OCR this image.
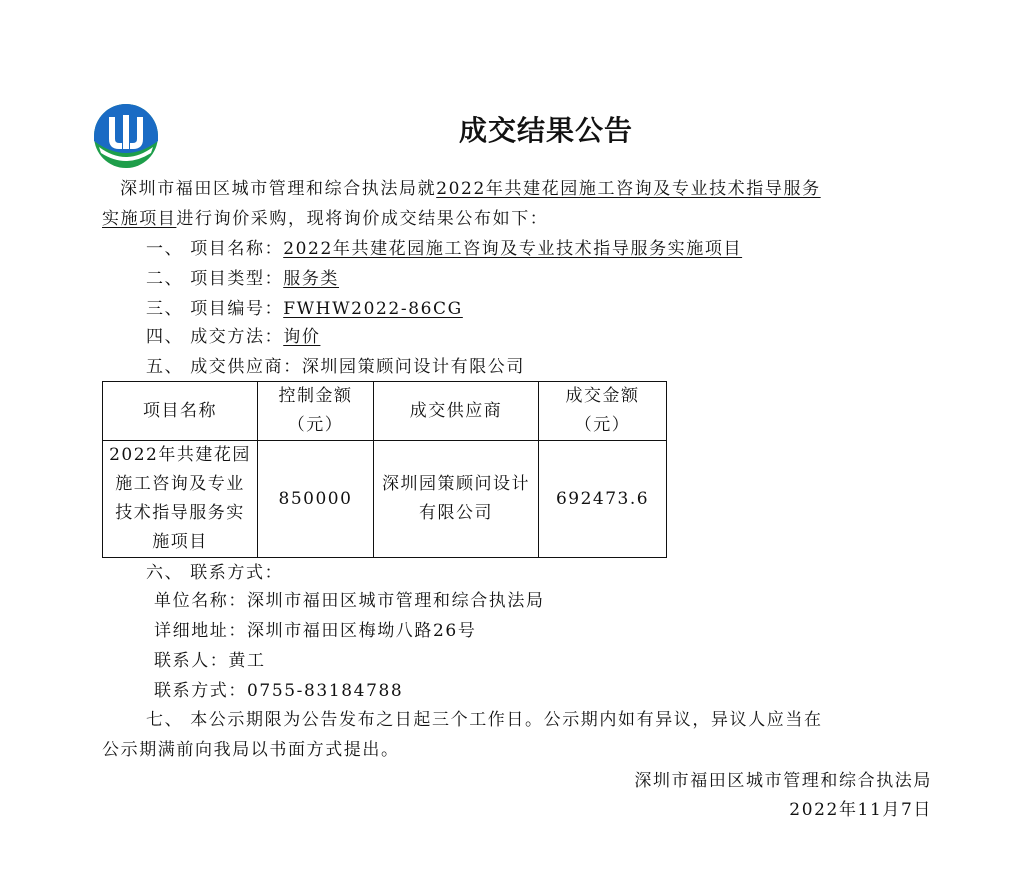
成交结果公告
深圳市福田区城市管理和综合执法局就2022年共建花园施工咨询及专业技术指导服务
实施项目进行询价采购，现将询价成交结果公布如下：
一、 项目名称：2022年共建花园施工咨询及专业技术指导服务实施项目
二、 项目类型：服务类
三、 项目编号：FWHW2022-86CG
四、 成交方法：询价
五、 成交供应商：深圳园策顾问设计有限公司
项目名称	控制金额（元）	成交供应商	成交金额（元）
2022年共建花园施工咨询及专业技术指导服务实施项目	850000	深圳园策顾问设计有限公司	692473.6
六、 联系方式：
单位名称：深圳市福田区城市管理和综合执法局
详细地址：深圳市福田区梅坳八路26号
联系人：黄工
联系方式：0755-83184788
七、 本公示期限为公告发布之日起三个工作日。公示期内如有异议，异议人应当在
公示期满前向我局以书面方式提出。
深圳市福田区城市管理和综合执法局
2022年11月7日
